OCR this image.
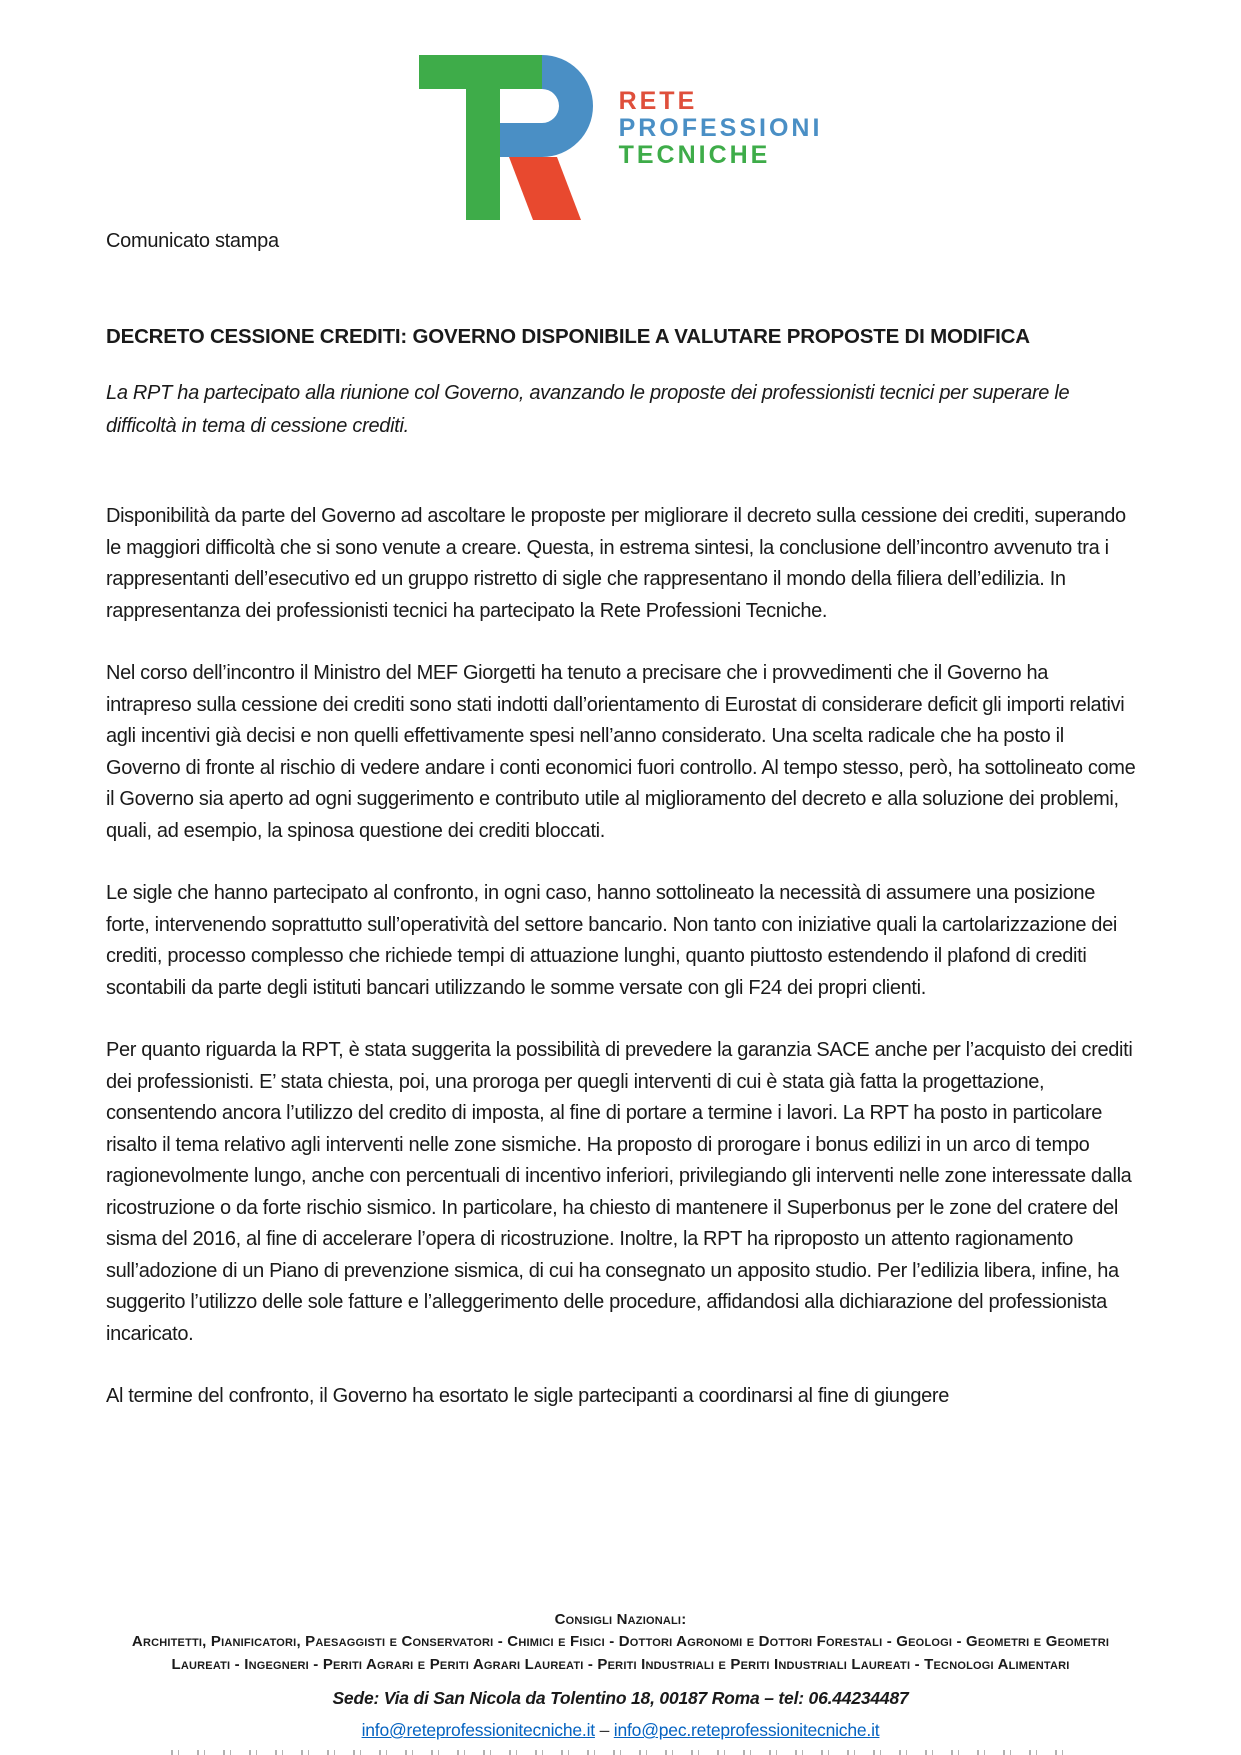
RETE
PROFESSIONI
TECNICHE
Comunicato stampa
DECRETO CESSIONE CREDITI: GOVERNO DISPONIBILE A VALUTARE PROPOSTE DI MODIFICA
La RPT ha partecipato alla riunione col Governo, avanzando le proposte dei professionisti tecnici per superare le difficoltà in tema di cessione crediti.

Disponibilità da parte del Governo ad ascoltare le proposte per migliorare il decreto sulla cessione dei crediti, superando le maggiori difficoltà che si sono venute a creare. Questa, in estrema sintesi, la conclusione dell’incontro avvenuto tra i rappresentanti dell’esecutivo ed un gruppo ristretto di sigle che rappresentano il mondo della filiera dell’edilizia. In rappresentanza dei professionisti tecnici ha partecipato la Rete Professioni Tecniche.

Nel corso dell’incontro il Ministro del MEF Giorgetti ha tenuto a precisare che i provvedimenti che il Governo ha intrapreso sulla cessione dei crediti sono stati indotti dall’orientamento di Eurostat di considerare deficit gli importi relativi agli incentivi già decisi e non quelli effettivamente spesi nell’anno considerato. Una scelta radicale che ha posto il Governo di fronte al rischio di vedere andare i conti economici fuori controllo. Al tempo stesso, però, ha sottolineato come il Governo sia aperto ad ogni suggerimento e contributo utile al miglioramento del decreto e alla soluzione dei problemi, quali, ad esempio, la spinosa questione dei crediti bloccati.

Le sigle che hanno partecipato al confronto, in ogni caso, hanno sottolineato la necessità di assumere una posizione forte, intervenendo soprattutto sull’operatività del settore bancario. Non tanto con iniziative quali la cartolarizzazione dei crediti, processo complesso che richiede tempi di attuazione lunghi, quanto piuttosto estendendo il plafond di crediti scontabili da parte degli istituti bancari utilizzando le somme versate con gli F24 dei propri clienti.

Per quanto riguarda la RPT, è stata suggerita la possibilità di prevedere la garanzia SACE anche per l’acquisto dei crediti dei professionisti. E’ stata chiesta, poi, una proroga per quegli interventi di cui è stata già fatta la progettazione, consentendo ancora l’utilizzo del credito di imposta, al fine di portare a termine i lavori. La RPT ha posto in particolare risalto il tema relativo agli interventi nelle zone sismiche. Ha proposto di prorogare i bonus edilizi in un arco di tempo ragionevolmente lungo, anche con percentuali di incentivo inferiori, privilegiando gli interventi nelle zone interessate dalla ricostruzione o da forte rischio sismico. In particolare, ha chiesto di mantenere il Superbonus per le zone del cratere del sisma del 2016, al fine di accelerare l’opera di ricostruzione. Inoltre, la RPT ha riproposto un attento ragionamento sull’adozione di un Piano di prevenzione sismica, di cui ha consegnato un apposito studio. Per l’edilizia libera, infine, ha suggerito l’utilizzo delle sole fatture e l’alleggerimento delle procedure, affidandosi alla dichiarazione del professionista incaricato.

Al termine del confronto, il Governo ha esortato le sigle partecipanti a coordinarsi al fine di giungere

Consigli Nazionali:
Architetti, Pianificatori, Paesaggisti e Conservatori - Chimici e Fisici - Dottori Agronomi e Dottori Forestali - Geologi - Geometri e Geometri Laureati - Ingegneri - Periti Agrari e Periti Agrari Laureati - Periti Industriali e Periti Industriali Laureati - Tecnologi Alimentari
Sede: Via di San Nicola da Tolentino 18, 00187 Roma – tel: 06.44234487
info@reteprofessionitecniche.it – info@pec.reteprofessionitecniche.it
